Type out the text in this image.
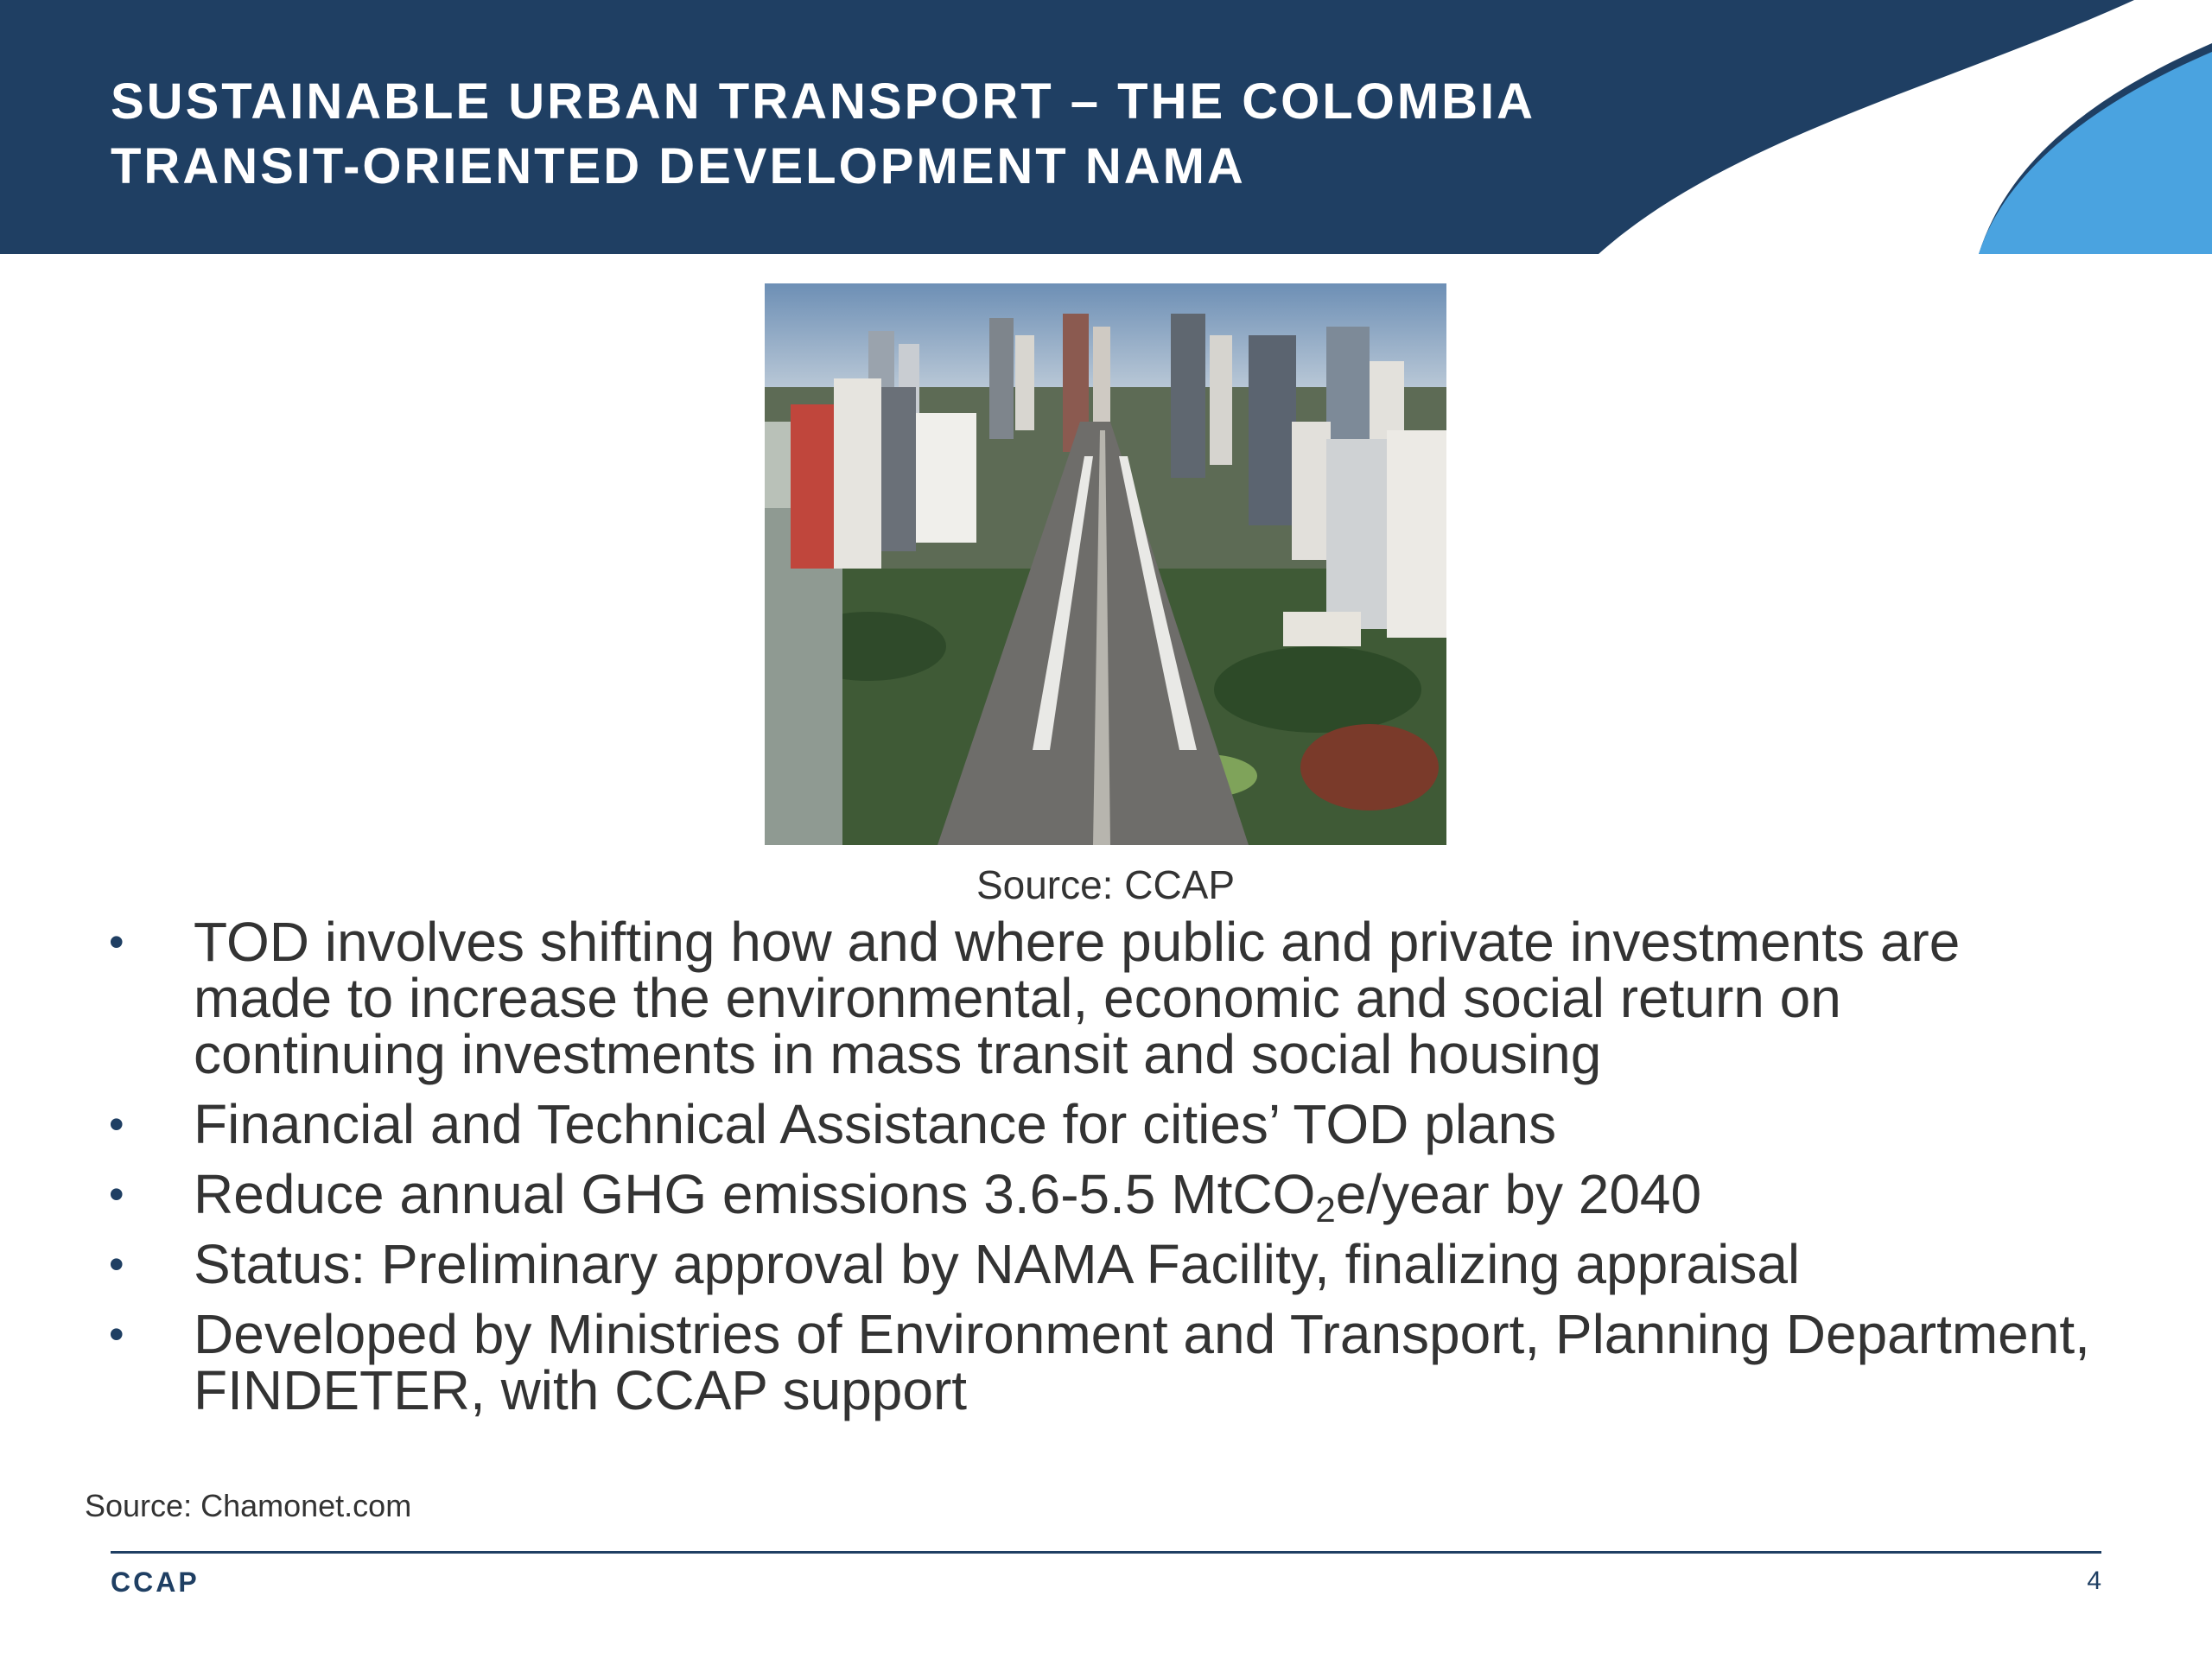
SUSTAINABLE URBAN TRANSPORT – THE COLOMBIA
TRANSIT-ORIENTED DEVELOPMENT NAMA
Source: CCAP
• TOD involves shifting how and where public and private investments are made to increase the environmental, economic and social return on continuing investments in mass transit and social housing
• Financial and Technical Assistance for cities’ TOD plans
• Reduce annual GHG emissions 3.6-5.5 MtCO$_2$e/year by 2040
• Status: Preliminary approval by NAMA Facility, finalizing appraisal
• Developed by Ministries of Environment and Transport, Planning Department, FINDETER, with CCAP support
Source: Chamonet.com
CCAP	4
